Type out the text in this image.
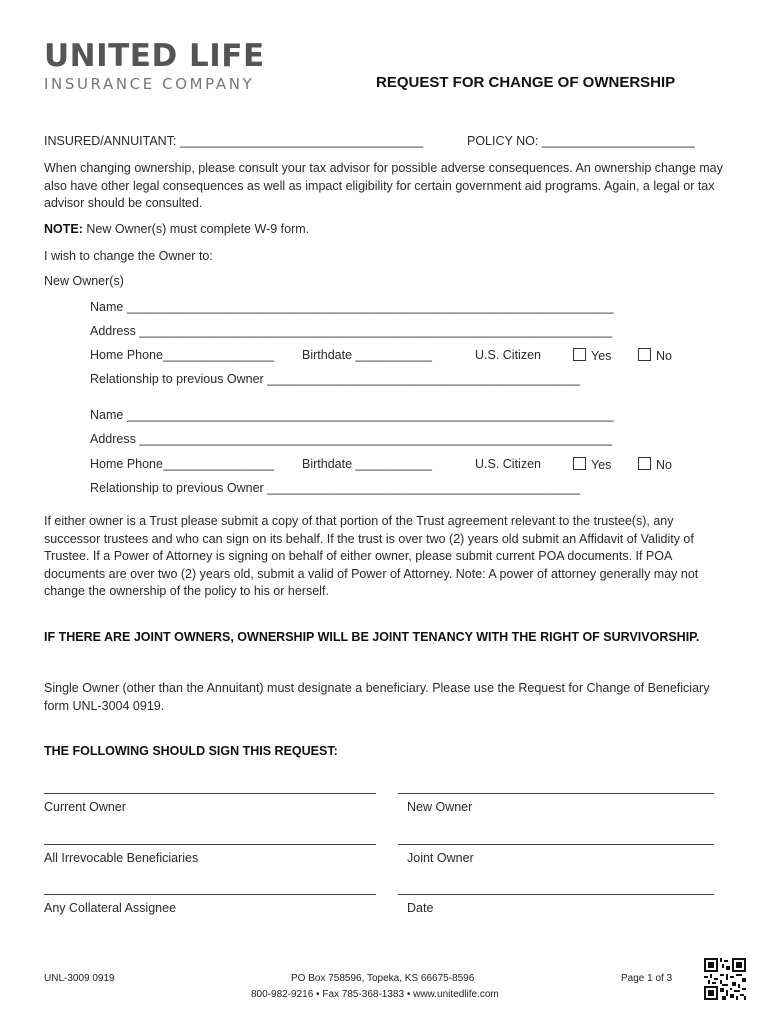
UNITED LIFE
INSURANCE COMPANY	REQUEST FOR CHANGE OF OWNERSHIP
INSURED/ANNUITANT: ___________________________________	POLICY NO: ______________________
When changing ownership, please consult your tax advisor for possible adverse consequences. An ownership change may also have other legal consequences as well as impact eligibility for certain government aid programs. Again, a legal or tax advisor should be consulted.
NOTE: New Owner(s) must complete W-9 form.
I wish to change the Owner to:
New Owner(s)
Name ______________________________________________________________________
Address ____________________________________________________________________
Home Phone________________ Birthdate ___________	U.S. Citizen	Yes	No
Relationship to previous Owner _____________________________________________
Name ______________________________________________________________________
Address ____________________________________________________________________
Home Phone________________ Birthdate ___________	U.S. Citizen	Yes	No
Relationship to previous Owner _____________________________________________
If either owner is a Trust please submit a copy of that portion of the Trust agreement relevant to the trustee(s), any successor trustees and who can sign on its behalf. If the trust is over two (2) years old submit an Affidavit of Validity of Trustee. If a Power of Attorney is signing on behalf of either owner, please submit current POA documents. If POA documents are over two (2) years old, submit a valid of Power of Attorney. Note: A power of attorney generally may not change the ownership of the policy to his or herself.
IF THERE ARE JOINT OWNERS, OWNERSHIP WILL BE JOINT TENANCY WITH THE RIGHT OF SURVIVORSHIP.
Single Owner (other than the Annuitant) must designate a beneficiary. Please use the Request for Change of Beneficiary form UNL-3004 0919.
THE FOLLOWING SHOULD SIGN THIS REQUEST:
Current Owner	New Owner
All Irrevocable Beneficiaries	Joint Owner
Any Collateral Assignee	Date
UNL-3009 0919	PO Box 758596, Topeka, KS 66675-8596
800-982-9216 • Fax 785-368-1383 • www.unitedlife.com
Page 1 of 3
